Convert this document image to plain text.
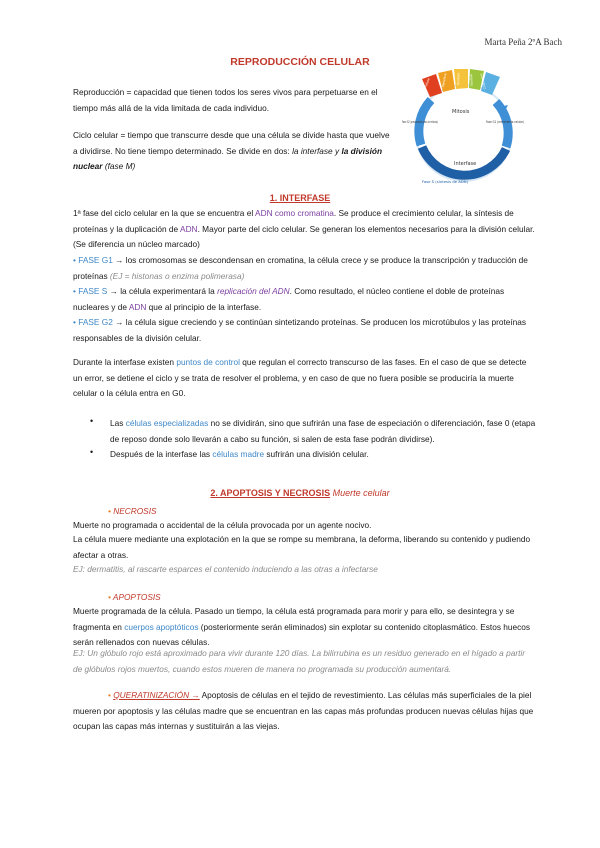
Marta Peña 2ºA Bach
REPRODUCCIÓN CELULAR
Reproducción = capacidad que tienen todos los seres vivos para perpetuarse en el tiempo más allá de la vida limitada de cada individuo.
Ciclo celular = tiempo que transcurre desde que una célula se divide hasta que vuelve a dividirse. No tiene tiempo determinado. Se divide en dos: la interfase y la división nuclear (fase M)
Mitosis
Interfase
Fase S (síntesis de ADN)
Fase G2 (preparación para la mitosis)	Fase G1 (crecimiento celular)
Profase	Metafase	Anafase	Telofase Citocinesis
1. INTERFASE
1ª fase del ciclo celular en la que se encuentra el ADN como cromatina. Se produce el crecimiento celular, la síntesis de proteínas y la duplicación de ADN. Mayor parte del ciclo celular. Se generan los elementos necesarios para la división celular. (Se diferencia un núcleo marcado)
• FASE G1 → los cromosomas se descondensan en cromatina, la célula crece y se produce la transcripción y traducción de proteínas (EJ = histonas o enzima polimerasa)
• FASE S → la célula experimentará la replicación del ADN. Como resultado, el núcleo contiene el doble de proteínas nucleares y de ADN que al principio de la interfase.
• FASE G2 → la célula sigue creciendo y se continúan sintetizando proteínas. Se producen los microtúbulos y las proteínas responsables de la división celular.
Durante la interfase existen puntos de control que regulan el correcto transcurso de las fases. En el caso de que se detecte un error, se detiene el ciclo y se trata de resolver el problema, y en caso de que no fuera posible se produciría la muerte celular o la célula entra en G0.
• Las células especializadas no se dividirán, sino que sufrirán una fase de especiación o diferenciación, fase 0 (etapa de reposo donde solo llevarán a cabo su función, si salen de esta fase podrán dividirse).
• Después de la interfase las células madre sufrirán una división celular.
2. APOPTOSIS Y NECROSIS Muerte celular
• NECROSIS
Muerte no programada o accidental de la célula provocada por un agente nocivo.
La célula muere mediante una explotación en la que se rompe su membrana, la deforma, liberando su contenido y pudiendo afectar a otras.
EJ: dermatitis, al rascarte esparces el contenido induciendo a las otras a infectarse
• APOPTOSIS
Muerte programada de la célula. Pasado un tiempo, la célula está programada para morir y para ello, se desintegra y se fragmenta en cuerpos apoptóticos (posteriormente serán eliminados) sin explotar su contenido citoplasmático. Estos huecos serán rellenados con nuevas células.
EJ: Un glóbulo rojo está aproximado para vivir durante 120 días. La bilirrubina es un residuo generado en el hígado a partir de glóbulos rojos muertos, cuando estos mueren de manera no programada su producción aumentará.
• QUERATINIZACIÓN → Apoptosis de células en el tejido de revestimiento. Las células más superficiales de la piel mueren por apoptosis y las células madre que se encuentran en las capas más profundas producen nuevas células hijas que ocupan las capas más internas y sustituirán a las viejas.
